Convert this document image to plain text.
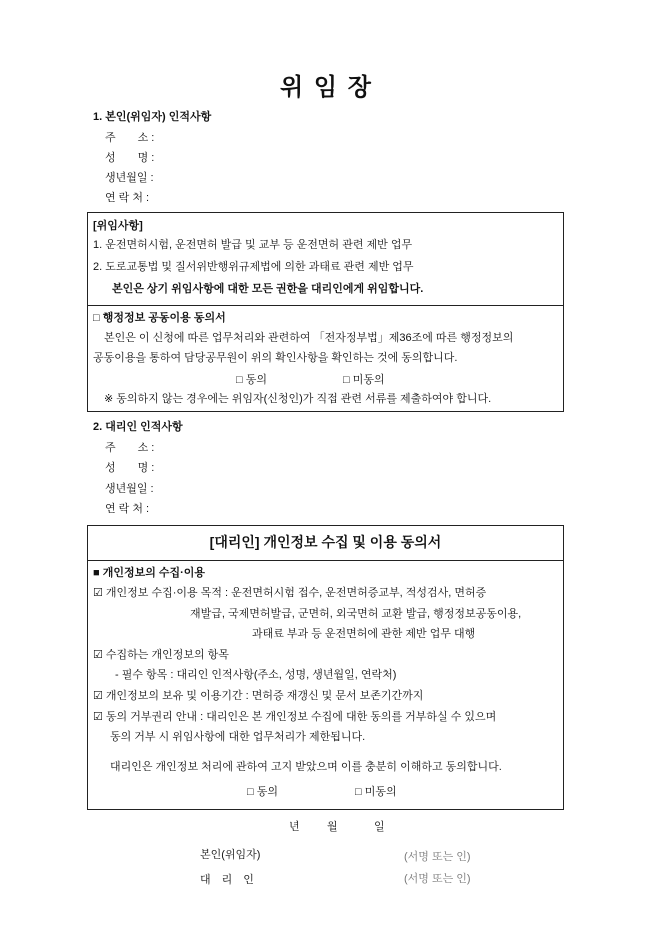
위 임 장
1. 본인(위임자) 인적사항
주　　소 :
성　　명 :
생년월일 :
연 락 처 :
[위임사항]
1. 운전면허시험, 운전면허 발급 및 교부 등 운전면허 관련 제반 업무
2. 도로교통법 및 질서위반행위규제법에 의한 과태료 관련 제반 업무
본인은 상기 위임사항에 대한 모든 권한을 대리인에게 위임합니다.
□ 행정정보 공동이용 동의서
본인은 이 신청에 따른 업무처리와 관련하여 「전자정부법」제36조에 따른 행정정보의
공동이용을 통하여 담당공무원이 위의 확인사항을 확인하는 것에 동의합니다.
□ 동의	□ 미동의
※ 동의하지 않는 경우에는 위임자(신청인)가 직접 관련 서류를 제출하여야 합니다.
2. 대리인 인적사항
주　　소 :
성　　명 :
생년월일 :
연 락 처 :
[대리인] 개인정보 수집 및 이용 동의서
■ 개인정보의 수집·이용
☑ 개인정보 수집·이용 목적 : 운전면허시험 접수, 운전면허증교부, 적성검사, 면허증
재발급, 국제면허발급, 군면허, 외국면허 교환 발급, 행정정보공동이용,
과태료 부과 등 운전면허에 관한 제반 업무 대행
☑ 수집하는 개인정보의 항목
- 필수 항목 : 대리인 인적사항(주소, 성명, 생년월일, 연락처)
☑ 개인정보의 보유 및 이용기간 : 면허증 재갱신 및 문서 보존기간까지
☑ 동의 거부권리 안내 : 대리인은 본 개인정보 수집에 대한 동의를 거부하실 수 있으며
동의 거부 시 위임사항에 대한 업무처리가 제한됩니다.
대리인은 개인정보 처리에 관하여 고지 받았으며 이를 충분히 이해하고 동의합니다.
□ 동의	□ 미동의
년 월	일
본인(위임자)	(서명 또는 인)
대　리　인	(서명 또는 인)
